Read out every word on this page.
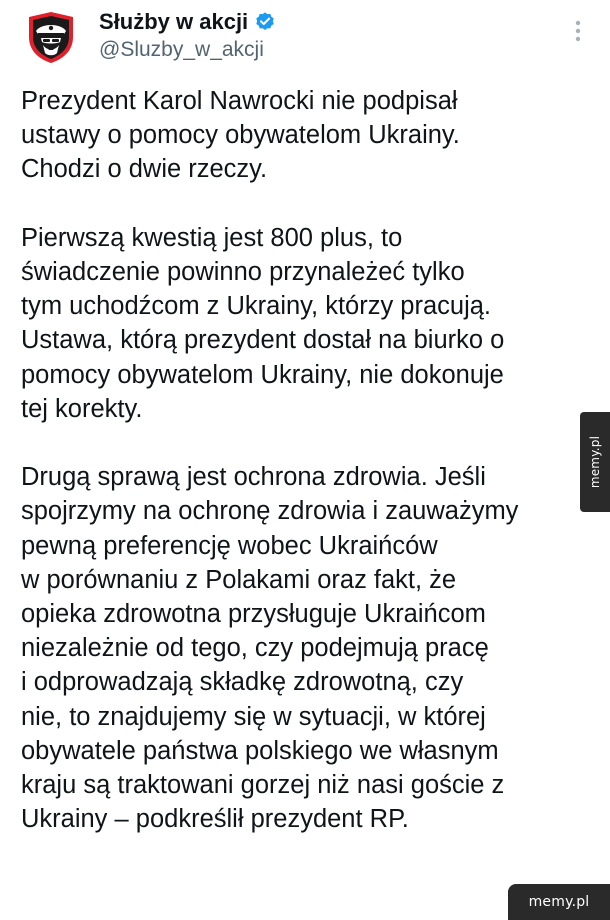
Służby w akcji
@Sluzby_w_akcji

Prezydent Karol Nawrocki nie podpisał
ustawy o pomocy obywatelom Ukrainy.
Chodzi o dwie rzeczy.

Pierwszą kwestią jest 800 plus, to
świadczenie powinno przynależeć tylko
tym uchodźcom z Ukrainy, którzy pracują.
Ustawa, którą prezydent dostał na biurko o
pomocy obywatelom Ukrainy, nie dokonuje
tej korekty.

Drugą sprawą jest ochrona zdrowia. Jeśli
spojrzymy na ochronę zdrowia i zauważymy
pewną preferencję wobec Ukraińców
w porównaniu z Polakami oraz fakt, że
opieka zdrowotna przysługuje Ukraińcom
niezależnie od tego, czy podejmują pracę
i odprowadzają składkę zdrowotną, czy
nie, to znajdujemy się w sytuacji, w której
obywatele państwa polskiego we własnym
kraju są traktowani gorzej niż nasi goście z
Ukrainy – podkreślił prezydent RP.

memy.pl
memy.pl
